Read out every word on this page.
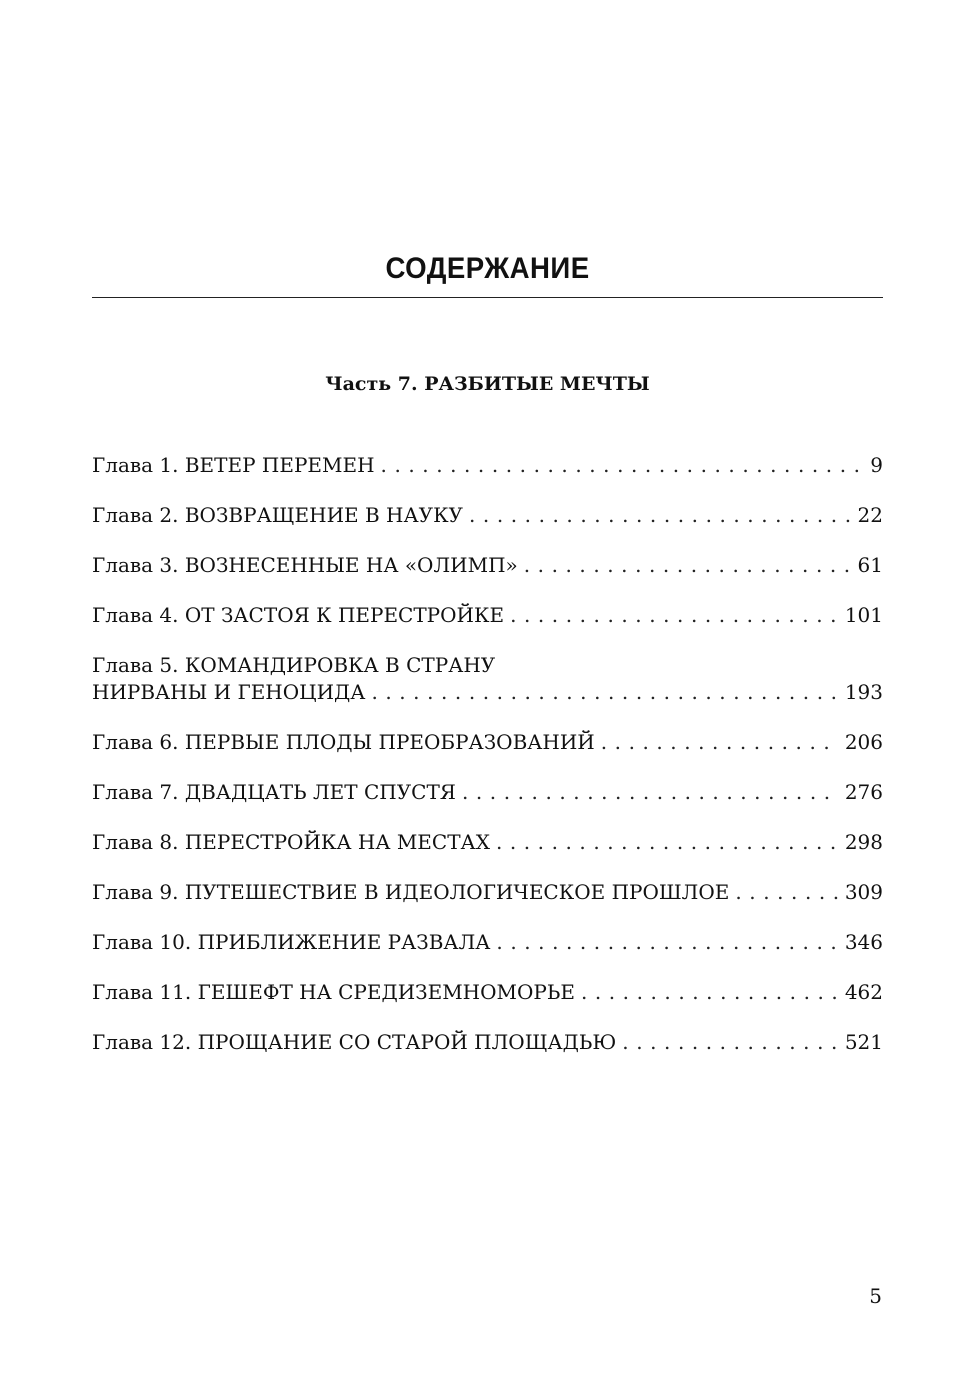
СОДЕРЖАНИЕ
Часть 7. РАЗБИТЫЕ МЕЧТЫ
Глава 1. ВЕТЕР ПЕРЕМЕН . . .	9
Глава 2. ВОЗВРАЩЕНИЕ В НАУКУ . . .	22
Глава 3. ВОЗНЕСЕННЫЕ НА «ОЛИМП» . . .	61
Глава 4. ОТ ЗАСТОЯ К ПЕРЕСТРОЙКЕ . . .	101
Глава 5. КОМАНДИРОВКА В СТРАНУ
НИРВАНЫ И ГЕНОЦИДА . . .	193
Глава 6. ПЕРВЫЕ ПЛОДЫ ПРЕОБРАЗОВАНИЙ . . .	206
Глава 7. ДВАДЦАТЬ ЛЕТ СПУСТЯ . . .	276
Глава 8. ПЕРЕСТРОЙКА НА МЕСТАХ . . .	298
Глава 9. ПУТЕШЕСТВИЕ В ИДЕОЛОГИЧЕСКОЕ ПРОШЛОЕ . . .	309
Глава 10. ПРИБЛИЖЕНИЕ РАЗВАЛА . . .	346
Глава 11. ГЕШЕФТ НА СРЕДИЗЕМНОМОРЬЕ . . .	462
Глава 12. ПРОЩАНИЕ СО СТАРОЙ ПЛОЩАДЬЮ . . .	521
5
